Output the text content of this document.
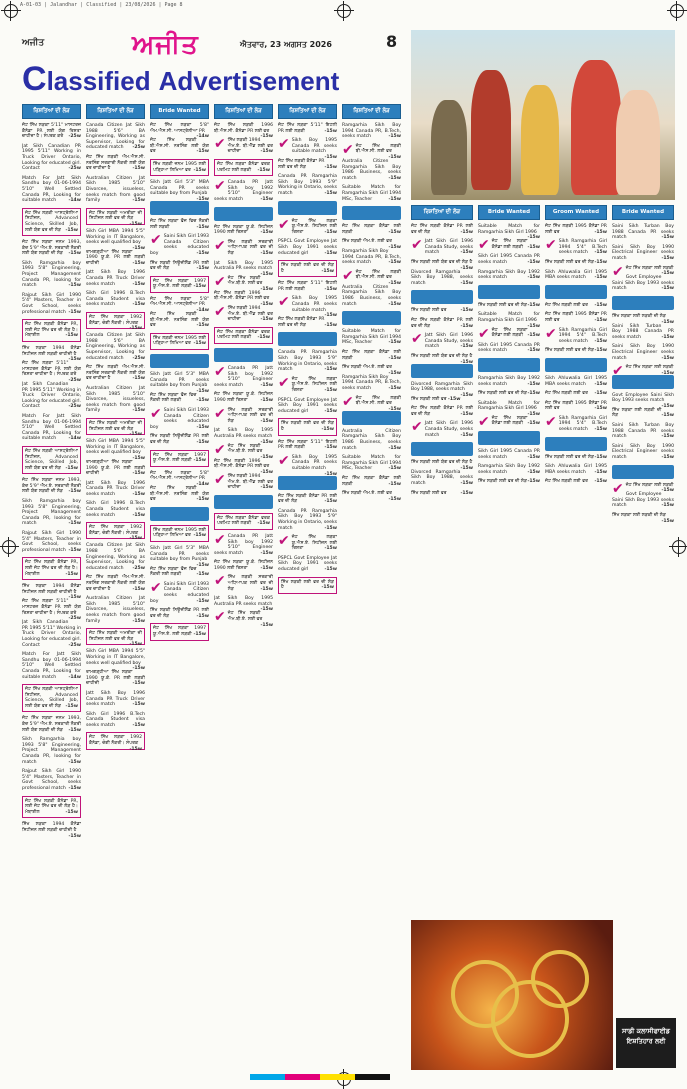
A-01-03 | Jalandhar | Classified | 23/08/2026 | Page 8
ਅਜੀਤ	ਅਜੀਤ	ਐਤਵਾਰ, 23 ਅਗਸਤ 2026	8
Classified Advertisement
ਸਾਡੀ ਕਲਾਸੀਫਾਈਡ
ਇਸ਼ਤਿਹਾਰ ਲਈ
ਰਿਸ਼ਤਿਆਂ ਦੀ ਲੋੜ
ਜੱਟ ਸਿੱਖ ਲੜਕਾ 5'11" ਮਾਸਟਰਜ਼ ਕੈਨੇਡਾ PR ਲਈ ਯੋਗ ਰਿਸ਼ਤਾ ਚਾਹੀਦਾ ਹੈ। ਸੰਪਰਕ ਕਰੋ -25w
Jat Sikh Canadian PR 1995 5'11" Working in Truck Driver Ontario, Looking for educated girl. Contact	-25w
Match For Jatt Sikh Sandhu boy 01-06-1994 5'10" Well Settled Canada PR, Looking for suitable match	-14w
ਜੱਟ ਸਿੱਖ ਲੜਕੀ ਆਸਟ੍ਰੇਲੀਆ ਸਿਟੀਜ਼ਨ, Advanced Science, Skilled Job, ਲਈ ਯੋਗ ਵਰ ਦੀ ਲੋੜ -15w
ਜੱਟ ਸਿੱਖ ਲੜਕਾ ਜਨਮ 1993, ਕੱਦ 5'9" ਐਮ.ਏ. ਸਰਕਾਰੀ ਨੌਕਰੀ ਲਈ ਯੋਗ ਲੜਕੀ ਦੀ ਲੋੜ -15w
Sikh Ramgarhia boy 1993 5'8" Engineering, Project Management Canada PR, looking for match	-15w
Rajput Sikh Girl 1990 5'4" Masters, Teacher in Govt School, seeks professional match -15w
ਜੱਟ ਸਿੱਖ ਲੜਕੀ ਕੈਨੇਡਾ PR, ਲਈ ਜੱਟ ਸਿੱਖ ਵਰ ਦੀ ਲੋੜ ਹੈ। ਮੋਬਾਈਲ	-15w
ਸਿੱਖ ਲੜਕਾ 1994 ਕੈਨੇਡਾ ਸਿਟੀਜ਼ਨ ਲਈ ਲੜਕੀ ਚਾਹੀਦੀ ਹੈ
-15w
ਜੱਟ ਸਿੱਖ ਲੜਕਾ 5'11" ਮਾਸਟਰਜ਼ ਕੈਨੇਡਾ PR ਲਈ ਯੋਗ ਰਿਸ਼ਤਾ ਚਾਹੀਦਾ ਹੈ। ਸੰਪਰਕ ਕਰੋ
-25w
Jat Sikh Canadian PR 1995 5'11" Working in Truck Driver Ontario, Looking for educated girl. Contact	-25w
Match For Jatt Sikh Sandhu boy 01-06-1994 5'10" Well Settled Canada PR, Looking for suitable match	-14w
ਜੱਟ ਸਿੱਖ ਲੜਕੀ ਆਸਟ੍ਰੇਲੀਆ ਸਿਟੀਜ਼ਨ, Advanced Science, Skilled Job, ਲਈ ਯੋਗ ਵਰ ਦੀ ਲੋੜ -15w
ਜੱਟ ਸਿੱਖ ਲੜਕਾ ਜਨਮ 1993, ਕੱਦ 5'9" ਐਮ.ਏ. ਸਰਕਾਰੀ ਨੌਕਰੀ ਲਈ ਯੋਗ ਲੜਕੀ ਦੀ ਲੋੜ -15w
Sikh Ramgarhia boy 1993 5'8" Engineering, Project Management Canada PR, looking for match	-15w
Rajput Sikh Girl 1990 5'4" Masters, Teacher in Govt School, seeks professional match -15w
ਜੱਟ ਸਿੱਖ ਲੜਕੀ ਕੈਨੇਡਾ PR, ਲਈ ਜੱਟ ਸਿੱਖ ਵਰ ਦੀ ਲੋੜ ਹੈ। ਮੋਬਾਈਲ	-15w
ਸਿੱਖ ਲੜਕਾ 1994 ਕੈਨੇਡਾ ਸਿਟੀਜ਼ਨ ਲਈ ਲੜਕੀ ਚਾਹੀਦੀ ਹੈ
-15w
ਜੱਟ ਸਿੱਖ ਲੜਕਾ 5'11" ਮਾਸਟਰਜ਼ ਕੈਨੇਡਾ PR ਲਈ ਯੋਗ ਰਿਸ਼ਤਾ ਚਾਹੀਦਾ ਹੈ। ਸੰਪਰਕ ਕਰੋ
-25w
Jat Sikh Canadian PR 1995 5'11" Working in Truck Driver Ontario, Looking for educated girl. Contact	-25w
Match For Jatt Sikh Sandhu boy 01-06-1994 5'10" Well Settled Canada PR, Looking for suitable match	-14w
ਜੱਟ ਸਿੱਖ ਲੜਕੀ ਆਸਟ੍ਰੇਲੀਆ ਸਿਟੀਜ਼ਨ, Advanced Science, Skilled Job, ਲਈ ਯੋਗ ਵਰ ਦੀ ਲੋੜ -15w
ਜੱਟ ਸਿੱਖ ਲੜਕਾ ਜਨਮ 1993, ਕੱਦ 5'9" ਐਮ.ਏ. ਸਰਕਾਰੀ ਨੌਕਰੀ ਲਈ ਯੋਗ ਲੜਕੀ ਦੀ ਲੋੜ -15w
Sikh Ramgarhia boy 1993 5'8" Engineering, Project Management Canada PR, looking for match	-15w
Rajput Sikh Girl 1990 5'4" Masters, Teacher in Govt School, seeks professional match -15w
ਜੱਟ ਸਿੱਖ ਲੜਕੀ ਕੈਨੇਡਾ PR, ਲਈ ਜੱਟ ਸਿੱਖ ਵਰ ਦੀ ਲੋੜ ਹੈ। ਮੋਬਾਈਲ	-15w
ਸਿੱਖ ਲੜਕਾ 1994 ਕੈਨੇਡਾ ਸਿਟੀਜ਼ਨ ਲਈ ਲੜਕੀ ਚਾਹੀਦੀ ਹੈ
-15w
ਰਿਸ਼ਤਿਆਂ ਦੀ ਲੋੜ
Canada Citizen Jat Sikh 1988 5'6" BA Engineering, Working as Supervisor, Looking for educated match -25w
ਜੱਟ ਸਿੱਖ ਲੜਕੀ ਐਮ.ਐਸ.ਸੀ. ਨਰਸਿੰਗ ਸਰਕਾਰੀ ਨੌਕਰੀ ਲਈ ਯੋਗ ਵਰ ਚਾਹੀਦਾ ਹੈ	-15w
Australian Citizen Jat Sikh 1985 5'10" Divorcee, issueless, seeks match from good family	-15w
ਜੱਟ ਸਿੱਖ ਲੜਕੀ ਅਮਰੀਕਾ ਦੀ ਸਿਟੀਜ਼ਨ ਲਈ ਵਰ ਦੀ ਲੋੜ
-15w
Sikh Girl MBA 1994 5'5" Working in IT Bangalore, seeks well qualified boy
-15w
ਰਾਮਗੜ੍ਹੀਆ ਸਿੱਖ ਲੜਕਾ 1990 ਯੂ.ਕੇ. PR ਲਈ ਲੜਕੀ ਚਾਹੀਦੀ	-15w
Jatt Sikh Boy 1996 Canada PR Truck Driver seeks match	-15w
Sikh Girl 1996 B.Tech Canada Student visa seeks match	-15w
ਜੱਟ ਸਿੱਖ ਲੜਕਾ 1992 ਕੈਨੇਡਾ, ਚੰਗੀ ਨੌਕਰੀ। ਸੰਪਰਕ
-15w
Canada Citizen Jat Sikh 1988 5'6" BA Engineering, Working as Supervisor, Looking for educated match -25w
ਜੱਟ ਸਿੱਖ ਲੜਕੀ ਐਮ.ਐਸ.ਸੀ. ਨਰਸਿੰਗ ਸਰਕਾਰੀ ਨੌਕਰੀ ਲਈ ਯੋਗ ਵਰ ਚਾਹੀਦਾ ਹੈ	-15w
Australian Citizen Jat Sikh 1985 5'10" Divorcee, issueless, seeks match from good family	-15w
ਜੱਟ ਸਿੱਖ ਲੜਕੀ ਅਮਰੀਕਾ ਦੀ ਸਿਟੀਜ਼ਨ ਲਈ ਵਰ ਦੀ ਲੋੜ
-15w
Sikh Girl MBA 1994 5'5" Working in IT Bangalore, seeks well qualified boy
-15w
ਰਾਮਗੜ੍ਹੀਆ ਸਿੱਖ ਲੜਕਾ 1990 ਯੂ.ਕੇ. PR ਲਈ ਲੜਕੀ ਚਾਹੀਦੀ	-15w
Jatt Sikh Boy 1996 Canada PR Truck Driver seeks match	-15w
Sikh Girl 1996 B.Tech Canada Student visa seeks match	-15w
ਜੱਟ ਸਿੱਖ ਲੜਕਾ 1992 ਕੈਨੇਡਾ, ਚੰਗੀ ਨੌਕਰੀ। ਸੰਪਰਕ
-15w
Canada Citizen Jat Sikh 1988 5'6" BA Engineering, Working as Supervisor, Looking for educated match -25w
ਜੱਟ ਸਿੱਖ ਲੜਕੀ ਐਮ.ਐਸ.ਸੀ. ਨਰਸਿੰਗ ਸਰਕਾਰੀ ਨੌਕਰੀ ਲਈ ਯੋਗ ਵਰ ਚਾਹੀਦਾ ਹੈ	-15w
Australian Citizen Jat Sikh 1985 5'10" Divorcee, issueless, seeks match from good family	-15w
ਜੱਟ ਸਿੱਖ ਲੜਕੀ ਅਮਰੀਕਾ ਦੀ ਸਿਟੀਜ਼ਨ ਲਈ ਵਰ ਦੀ ਲੋੜ
-15w
Sikh Girl MBA 1994 5'5" Working in IT Bangalore, seeks well qualified boy
-15w
ਰਾਮਗੜ੍ਹੀਆ ਸਿੱਖ ਲੜਕਾ 1990 ਯੂ.ਕੇ. PR ਲਈ ਲੜਕੀ ਚਾਹੀਦੀ	-15w
Jatt Sikh Boy 1996 Canada PR Truck Driver seeks match	-15w
Sikh Girl 1996 B.Tech Canada Student visa seeks match	-15w
ਜੱਟ ਸਿੱਖ ਲੜਕਾ 1992 ਕੈਨੇਡਾ, ਚੰਗੀ ਨੌਕਰੀ। ਸੰਪਰਕ
-15w
Bride Wanted
ਜੱਟ ਸਿੱਖ ਲੜਕਾ 5'8" ਐਮ.ਐਸ.ਸੀ. ਆਸਟ੍ਰੇਲੀਆ PR
-14w
ਜੱਟ ਸਿੱਖ ਲੜਕੀ ਬੀ.ਐਸ.ਸੀ. ਨਰਸਿੰਗ ਲਈ ਯੋਗ ਵਰ	-15w
ਸਿੱਖ ਲੜਕੀ ਜਨਮ 1995 ਲਈ ਪੜ੍ਹਿਆ ਲਿਖਿਆ ਵਰ -15w
Sikh Jatt Girl 5'3" MBA Canada PR seeks suitable boy from Punjab
-15w
ਜੱਟ ਸਿੱਖ ਲੜਕਾ ਫੌਜ ਵਿਚ ਨੌਕਰੀ ਲਈ ਲੜਕੀ	-15w
✔ Saini Sikh Girl 1993 Canada Citizen seeks educated boy	-15w
ਸਿੱਖ ਲੜਕੀ ਨਿਊਜ਼ੀਲੈਂਡ PR ਲਈ ਵਰ ਦੀ ਲੋੜ	-15w
ਜੱਟ ਸਿੱਖ ਲੜਕਾ 1997 ਯੂ.ਐਸ.ਏ. ਲਈ ਲੜਕੀ -15w
ਜੱਟ ਸਿੱਖ ਲੜਕਾ 5'8" ਐਮ.ਐਸ.ਸੀ. ਆਸਟ੍ਰੇਲੀਆ PR
-14w
ਜੱਟ ਸਿੱਖ ਲੜਕੀ ਬੀ.ਐਸ.ਸੀ. ਨਰਸਿੰਗ ਲਈ ਯੋਗ ਵਰ	-15w
ਸਿੱਖ ਲੜਕੀ ਜਨਮ 1995 ਲਈ ਪੜ੍ਹਿਆ ਲਿਖਿਆ ਵਰ -15w
Sikh Jatt Girl 5'3" MBA Canada PR seeks suitable boy from Punjab
-15w
ਜੱਟ ਸਿੱਖ ਲੜਕਾ ਫੌਜ ਵਿਚ ਨੌਕਰੀ ਲਈ ਲੜਕੀ	-15w
✔ Saini Sikh Girl 1993 Canada Citizen seeks educated boy	-15w
ਸਿੱਖ ਲੜਕੀ ਨਿਊਜ਼ੀਲੈਂਡ PR ਲਈ ਵਰ ਦੀ ਲੋੜ	-15w
ਜੱਟ ਸਿੱਖ ਲੜਕਾ 1997 ਯੂ.ਐਸ.ਏ. ਲਈ ਲੜਕੀ -15w
ਜੱਟ ਸਿੱਖ ਲੜਕਾ 5'8" ਐਮ.ਐਸ.ਸੀ. ਆਸਟ੍ਰੇਲੀਆ PR
-14w
ਜੱਟ ਸਿੱਖ ਲੜਕੀ ਬੀ.ਐਸ.ਸੀ. ਨਰਸਿੰਗ ਲਈ ਯੋਗ ਵਰ	-15w
ਸਿੱਖ ਲੜਕੀ ਜਨਮ 1995 ਲਈ ਪੜ੍ਹਿਆ ਲਿਖਿਆ ਵਰ -15w
Sikh Jatt Girl 5'3" MBA Canada PR seeks suitable boy from Punjab
-15w
ਜੱਟ ਸਿੱਖ ਲੜਕਾ ਫੌਜ ਵਿਚ ਨੌਕਰੀ ਲਈ ਲੜਕੀ	-15w
✔ Saini Sikh Girl 1993 Canada Citizen seeks educated boy	-15w
ਸਿੱਖ ਲੜਕੀ ਨਿਊਜ਼ੀਲੈਂਡ PR ਲਈ ਵਰ ਦੀ ਲੋੜ	-15w
ਜੱਟ ਸਿੱਖ ਲੜਕਾ 1997 ਯੂ.ਐਸ.ਏ. ਲਈ ਲੜਕੀ -15w
ਰਿਸ਼ਤਿਆਂ ਦੀ ਲੋੜ
ਜੱਟ ਸਿੱਖ ਲੜਕੀ 1996 ਬੀ.ਐਸ.ਸੀ. ਕੈਨੇਡਾ PR ਲਈ ਵਰ
-15w
✔ ਸਿੱਖ ਲੜਕੀ 1994 ਐਮ.ਏ. ਬੀ.ਐੱਡ ਲਈ ਵਰ ਚਾਹੀਦਾ	-15w
ਜੱਟ ਸਿੱਖ ਲੜਕਾ ਕੈਨੇਡਾ ਵਰਕ ਪਰਮਿਟ ਲਈ ਲੜਕੀ -15w
✔ Canada PR Jatt Sikh boy 1992 5'10" Engineer seeks match	-15w
ਜੱਟ ਸਿੱਖ ਲੜਕਾ ਯੂ.ਕੇ. ਸਿਟੀਜ਼ਨ 1990 ਲਈ ਰਿਸ਼ਤਾ	-15w
✔ ਸਿੱਖ ਲੜਕੀ ਸਰਕਾਰੀ ਅਧਿਆਪਕ ਲਈ ਵਰ ਦੀ ਲੋੜ	-15w
Jat Sikh Boy 1995 Australia PR seeks match
-15w
✔ ਜੱਟ ਸਿੱਖ ਲੜਕੀ ਐਮ.ਬੀ.ਏ. ਲਈ ਵਰ
-15w
ਜੱਟ ਸਿੱਖ ਲੜਕੀ 1996 ਬੀ.ਐਸ.ਸੀ. ਕੈਨੇਡਾ PR ਲਈ ਵਰ
-15w
✔ ਸਿੱਖ ਲੜਕੀ 1994 ਐਮ.ਏ. ਬੀ.ਐੱਡ ਲਈ ਵਰ ਚਾਹੀਦਾ	-15w
ਜੱਟ ਸਿੱਖ ਲੜਕਾ ਕੈਨੇਡਾ ਵਰਕ ਪਰਮਿਟ ਲਈ ਲੜਕੀ -15w
✔ Canada PR Jatt Sikh boy 1992 5'10" Engineer seeks match	-15w
ਜੱਟ ਸਿੱਖ ਲੜਕਾ ਯੂ.ਕੇ. ਸਿਟੀਜ਼ਨ 1990 ਲਈ ਰਿਸ਼ਤਾ	-15w
✔ ਸਿੱਖ ਲੜਕੀ ਸਰਕਾਰੀ ਅਧਿਆਪਕ ਲਈ ਵਰ ਦੀ ਲੋੜ	-15w
Jat Sikh Boy 1995 Australia PR seeks match
-15w
✔ ਜੱਟ ਸਿੱਖ ਲੜਕੀ ਐਮ.ਬੀ.ਏ. ਲਈ ਵਰ
-15w
ਜੱਟ ਸਿੱਖ ਲੜਕੀ 1996 ਬੀ.ਐਸ.ਸੀ. ਕੈਨੇਡਾ PR ਲਈ ਵਰ
-15w
✔ ਸਿੱਖ ਲੜਕੀ 1994 ਐਮ.ਏ. ਬੀ.ਐੱਡ ਲਈ ਵਰ ਚਾਹੀਦਾ	-15w
ਜੱਟ ਸਿੱਖ ਲੜਕਾ ਕੈਨੇਡਾ ਵਰਕ ਪਰਮਿਟ ਲਈ ਲੜਕੀ -15w
✔ Canada PR Jatt Sikh boy 1992 5'10" Engineer seeks match	-15w
ਜੱਟ ਸਿੱਖ ਲੜਕਾ ਯੂ.ਕੇ. ਸਿਟੀਜ਼ਨ 1990 ਲਈ ਰਿਸ਼ਤਾ	-15w
✔ ਸਿੱਖ ਲੜਕੀ ਸਰਕਾਰੀ ਅਧਿਆਪਕ ਲਈ ਵਰ ਦੀ ਲੋੜ	-15w
Jat Sikh Boy 1995 Australia PR seeks match
-15w
✔ ਜੱਟ ਸਿੱਖ ਲੜਕੀ ਐਮ.ਬੀ.ਏ. ਲਈ ਵਰ
-15w
ਰਿਸ਼ਤਿਆਂ ਦੀ ਲੋੜ
ਜੱਟ ਸਿੱਖ ਲੜਕਾ 5'11" ਇਟਲੀ PR ਲਈ ਲੜਕੀ	-15w
✔ Sikh Boy 1995 Canada PR seeks suitable match
-15w
ਜੱਟ ਸਿੱਖ ਲੜਕੀ ਕੈਨੇਡਾ PR ਲਈ ਵਰ ਦੀ ਲੋੜ	-15w
Canada PR Ramgarhia Sikh Boy 1993 5'9" Working in Ontario, seeks match	-15w
✔ ਜੱਟ ਸਿੱਖ ਲੜਕਾ ਯੂ.ਐਸ.ਏ. ਸਿਟੀਜ਼ਨ ਲਈ ਰਿਸ਼ਤਾ	-15w
PSPCL Govt Employee Jat Sikh Boy 1991 seeks educated girl	-15w
ਸਿੱਖ ਲੜਕੀ ਲਈ ਵਰ ਦੀ ਲੋੜ ਹੈ	-15w
ਜੱਟ ਸਿੱਖ ਲੜਕਾ 5'11" ਇਟਲੀ PR ਲਈ ਲੜਕੀ	-15w
✔ Sikh Boy 1995 Canada PR seeks suitable match
-15w
ਜੱਟ ਸਿੱਖ ਲੜਕੀ ਕੈਨੇਡਾ PR ਲਈ ਵਰ ਦੀ ਲੋੜ	-15w
Canada PR Ramgarhia Sikh Boy 1993 5'9" Working in Ontario, seeks match	-15w
✔ ਜੱਟ ਸਿੱਖ ਲੜਕਾ ਯੂ.ਐਸ.ਏ. ਸਿਟੀਜ਼ਨ ਲਈ ਰਿਸ਼ਤਾ	-15w
PSPCL Govt Employee Jat Sikh Boy 1991 seeks educated girl	-15w
ਸਿੱਖ ਲੜਕੀ ਲਈ ਵਰ ਦੀ ਲੋੜ ਹੈ	-15w
ਜੱਟ ਸਿੱਖ ਲੜਕਾ 5'11" ਇਟਲੀ PR ਲਈ ਲੜਕੀ	-15w
✔ Sikh Boy 1995 Canada PR seeks suitable match
-15w
ਜੱਟ ਸਿੱਖ ਲੜਕੀ ਕੈਨੇਡਾ PR ਲਈ ਵਰ ਦੀ ਲੋੜ	-15w
Canada PR Ramgarhia Sikh Boy 1993 5'9" Working in Ontario, seeks match	-15w
✔ ਜੱਟ ਸਿੱਖ ਲੜਕਾ ਯੂ.ਐਸ.ਏ. ਸਿਟੀਜ਼ਨ ਲਈ ਰਿਸ਼ਤਾ	-15w
PSPCL Govt Employee Jat Sikh Boy 1991 seeks educated girl	-15w
ਸਿੱਖ ਲੜਕੀ ਲਈ ਵਰ ਦੀ ਲੋੜ ਹੈ	-15w
ਰਿਸ਼ਤਿਆਂ ਦੀ ਲੋੜ
Ramgarhia Sikh Boy 1994 Canada PR, B.Tech, seeks match	-15w
✔ ਜੱਟ ਸਿੱਖ ਲੜਕੀ ਬੀ.ਐਸ.ਸੀ. ਲਈ ਵਰ
-15w
Australia Citizen Ramgarhia Sikh Boy 1986 Business, seeks match	-15w
Suitable Match for Ramgarhia Sikh Girl 1994 MSc, Teacher	-15w
ਜੱਟ ਸਿੱਖ ਲੜਕਾ ਕੈਨੇਡਾ ਲਈ ਲੜਕੀ	-15w
ਸਿੱਖ ਲੜਕੀ ਐਮ.ਏ. ਲਈ ਵਰ
-15w
Ramgarhia Sikh Boy 1994 Canada PR, B.Tech, seeks match	-15w
✔ ਜੱਟ ਸਿੱਖ ਲੜਕੀ ਬੀ.ਐਸ.ਸੀ. ਲਈ ਵਰ
-15w
Australia Citizen Ramgarhia Sikh Boy 1986 Business, seeks match	-15w
Suitable Match for Ramgarhia Sikh Girl 1994 MSc, Teacher	-15w
ਜੱਟ ਸਿੱਖ ਲੜਕਾ ਕੈਨੇਡਾ ਲਈ ਲੜਕੀ	-15w
ਸਿੱਖ ਲੜਕੀ ਐਮ.ਏ. ਲਈ ਵਰ
-15w
Ramgarhia Sikh Boy 1994 Canada PR, B.Tech, seeks match	-15w
✔ ਜੱਟ ਸਿੱਖ ਲੜਕੀ ਬੀ.ਐਸ.ਸੀ. ਲਈ ਵਰ
-15w
Australia Citizen Ramgarhia Sikh Boy 1986 Business, seeks match	-15w
Suitable Match for Ramgarhia Sikh Girl 1994 MSc, Teacher	-15w
ਜੱਟ ਸਿੱਖ ਲੜਕਾ ਕੈਨੇਡਾ ਲਈ ਲੜਕੀ	-15w
ਸਿੱਖ ਲੜਕੀ ਐਮ.ਏ. ਲਈ ਵਰ
-15w
ਰਿਸ਼ਤਿਆਂ ਦੀ ਲੋੜ
ਜੱਟ ਸਿੱਖ ਲੜਕੀ ਕੈਨੇਡਾ PR ਲਈ ਵਰ ਦੀ ਲੋੜ	-15w
✔ Jatt Sikh Girl 1996 Canada Study, seeks match	-15w
ਸਿੱਖ ਲੜਕੀ ਲਈ ਯੋਗ ਵਰ ਦੀ ਲੋੜ ਹੈ
-15w
Divorced Ramgarhia Sikh Boy 1988, seeks match	-15w
ਸਿੱਖ ਲੜਕੀ ਲਈ ਵਰ	-15w
ਜੱਟ ਸਿੱਖ ਲੜਕੀ ਕੈਨੇਡਾ PR ਲਈ ਵਰ ਦੀ ਲੋੜ	-15w
✔ Jatt Sikh Girl 1996 Canada Study, seeks match	-15w
ਸਿੱਖ ਲੜਕੀ ਲਈ ਯੋਗ ਵਰ ਦੀ ਲੋੜ ਹੈ
-15w
Divorced Ramgarhia Sikh Boy 1988, seeks match
-15w
ਸਿੱਖ ਲੜਕੀ ਲਈ ਵਰ -15w
ਜੱਟ ਸਿੱਖ ਲੜਕੀ ਕੈਨੇਡਾ PR ਲਈ ਵਰ ਦੀ ਲੋੜ	-15w
✔ Jatt Sikh Girl 1996 Canada Study, seeks match	-15w
ਸਿੱਖ ਲੜਕੀ ਲਈ ਯੋਗ ਵਰ ਦੀ ਲੋੜ ਹੈ
-15w
Divorced Ramgarhia Sikh Boy 1988, seeks match	-15w
ਸਿੱਖ ਲੜਕੀ ਲਈ ਵਰ	-15w
Bride Wanted
Suitable Match for Ramgarhia Sikh Girl 1996
-15w
✔ ਜੱਟ ਸਿੱਖ ਲੜਕਾ ਕੈਨੇਡਾ ਲਈ ਲੜਕੀ -15w
Sikh Girl 1995 Canada PR seeks match	-15w
Ramgarhia Sikh Boy 1992 seeks match	-15w
ਸਿੱਖ ਲੜਕੀ ਲਈ ਵਰ ਦੀ ਲੋੜ -15w
Suitable Match for Ramgarhia Sikh Girl 1996
-15w
✔ ਜੱਟ ਸਿੱਖ ਲੜਕਾ ਕੈਨੇਡਾ ਲਈ ਲੜਕੀ -15w
Sikh Girl 1995 Canada PR seeks match	-15w
Ramgarhia Sikh Boy 1992 seeks match	-15w
ਸਿੱਖ ਲੜਕੀ ਲਈ ਵਰ ਦੀ ਲੋੜ -15w
Suitable Match for Ramgarhia Sikh Girl 1996
-15w
✔ ਜੱਟ ਸਿੱਖ ਲੜਕਾ ਕੈਨੇਡਾ ਲਈ ਲੜਕੀ -15w
Sikh Girl 1995 Canada PR seeks match	-15w
Ramgarhia Sikh Boy 1992 seeks match	-15w
ਸਿੱਖ ਲੜਕੀ ਲਈ ਵਰ ਦੀ ਲੋੜ -15w
Groom Wanted
ਜੱਟ ਸਿੱਖ ਲੜਕੀ 1995 ਕੈਨੇਡਾ PR ਲਈ ਵਰ	-15w
✔ Sikh Ramgarhia Girl 1994 5'4" B.Tech seeks match -15w
ਸਿੱਖ ਲੜਕੀ ਲਈ ਵਰ ਦੀ ਲੋੜ -15w
Sikh Ahluwalia Girl 1995 MBA seeks match -15w
ਜੱਟ ਸਿੱਖ ਲੜਕੀ ਲਈ ਵਰ -15w
ਜੱਟ ਸਿੱਖ ਲੜਕੀ 1995 ਕੈਨੇਡਾ PR ਲਈ ਵਰ	-15w
✔ Sikh Ramgarhia Girl 1994 5'4" B.Tech seeks match -15w
ਸਿੱਖ ਲੜਕੀ ਲਈ ਵਰ ਦੀ ਲੋੜ -15w
Sikh Ahluwalia Girl 1995 MBA seeks match -15w
ਜੱਟ ਸਿੱਖ ਲੜਕੀ ਲਈ ਵਰ -15w
ਜੱਟ ਸਿੱਖ ਲੜਕੀ 1995 ਕੈਨੇਡਾ PR ਲਈ ਵਰ	-15w
✔ Sikh Ramgarhia Girl 1994 5'4" B.Tech seeks match -15w
ਸਿੱਖ ਲੜਕੀ ਲਈ ਵਰ ਦੀ ਲੋੜ -15w
Sikh Ahluwalia Girl 1995 MBA seeks match -15w
ਜੱਟ ਸਿੱਖ ਲੜਕੀ ਲਈ ਵਰ -15w
Bride Wanted
Saini Sikh Turban Boy 1988 Canada PR seeks match	-15w
Saini Sikh Boy 1990 Electrical Engineer seeks match	-15w
✔ ਜੱਟ ਸਿੱਖ ਲੜਕਾ ਲਈ ਲੜਕੀ
-15w
Govt Employee Saini Sikh Boy 1993 seeks match	-15w
ਸਿੱਖ ਲੜਕਾ ਲਈ ਲੜਕੀ ਦੀ ਲੋੜ
-15w
Saini Sikh Turban Boy 1988 Canada PR seeks match	-15w
Saini Sikh Boy 1990 Electrical Engineer seeks match	-15w
✔ ਜੱਟ ਸਿੱਖ ਲੜਕਾ ਲਈ ਲੜਕੀ
-15w
Govt Employee Saini Sikh Boy 1993 seeks match
-15w
ਸਿੱਖ ਲੜਕਾ ਲਈ ਲੜਕੀ ਦੀ ਲੋੜ	-15w
Saini Sikh Turban Boy 1988 Canada PR seeks match	-15w
Saini Sikh Boy 1990 Electrical Engineer seeks match	-15w
✔ ਜੱਟ ਸਿੱਖ ਲੜਕਾ ਲਈ ਲੜਕੀ
-15w
Govt Employee Saini Sikh Boy 1993 seeks match	-15w
ਸਿੱਖ ਲੜਕਾ ਲਈ ਲੜਕੀ ਦੀ ਲੋੜ
-15w
